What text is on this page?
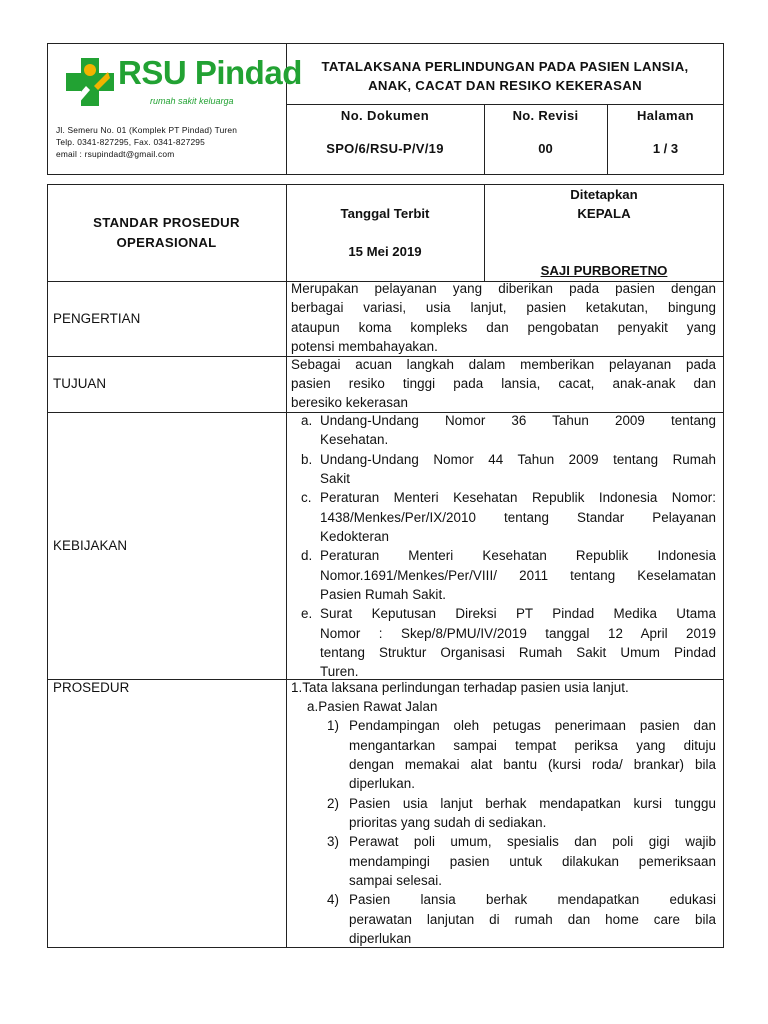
RSU Pindad
rumah sakit keluarga
Jl. Semeru No. 01 (Komplek PT Pindad) Turen
Telp. 0341-827295, Fax. 0341-827295
email : rsupindadt@gmail.com
TATALAKSANA PERLINDUNGAN PADA PASIEN LANSIA,
ANAK, CACAT DAN RESIKO KEKERASAN
No. Dokumen
SPO/6/RSU-P/V/19
No. Revisi
00
Halaman
1 / 3
STANDAR PROSEDUR
OPERASIONAL
Tanggal Terbit
15 Mei 2019
Ditetapkan
KEPALA
SAJI PURBORETNO
PENGERTIAN
Merupakan pelayanan yang diberikan pada pasien dengan
berbagai variasi, usia lanjut, pasien ketakutan, bingung
ataupun koma kompleks dan pengobatan penyakit yang
potensi membahayakan.
TUJUAN
Sebagai acuan langkah dalam memberikan pelayanan pada
pasien resiko tinggi pada lansia, cacat, anak-anak dan
beresiko kekerasan
KEBIJAKAN
a. Undang-Undang Nomor 36 Tahun 2009 tentang
Kesehatan.
b. Undang-Undang Nomor 44 Tahun 2009 tentang Rumah
Sakit
c. Peraturan Menteri Kesehatan Republik Indonesia Nomor:
1438/Menkes/Per/IX/2010 tentang Standar Pelayanan
Kedokteran
d. Peraturan Menteri Kesehatan Republik Indonesia
Nomor.1691/Menkes/Per/VIII/ 2011 tentang Keselamatan
Pasien Rumah Sakit.
e. Surat Keputusan Direksi PT Pindad Medika Utama
Nomor : Skep/8/PMU/IV/2019 tanggal 12 April 2019
tentang Struktur Organisasi Rumah Sakit Umum Pindad
Turen.
PROSEDUR	1.Tata laksana perlindungan terhadap pasien usia lanjut.
a.Pasien Rawat Jalan
1) Pendampingan oleh petugas penerimaan pasien dan
mengantarkan sampai tempat periksa yang dituju
dengan memakai alat bantu (kursi roda/ brankar) bila
diperlukan.
2) Pasien usia lanjut berhak mendapatkan kursi tunggu
prioritas yang sudah di sediakan.
3) Perawat poli umum, spesialis dan poli gigi wajib
mendampingi pasien untuk dilakukan pemeriksaan
sampai selesai.
4) Pasien lansia berhak mendapatkan edukasi
perawatan lanjutan di rumah dan home care bila
diperlukan
